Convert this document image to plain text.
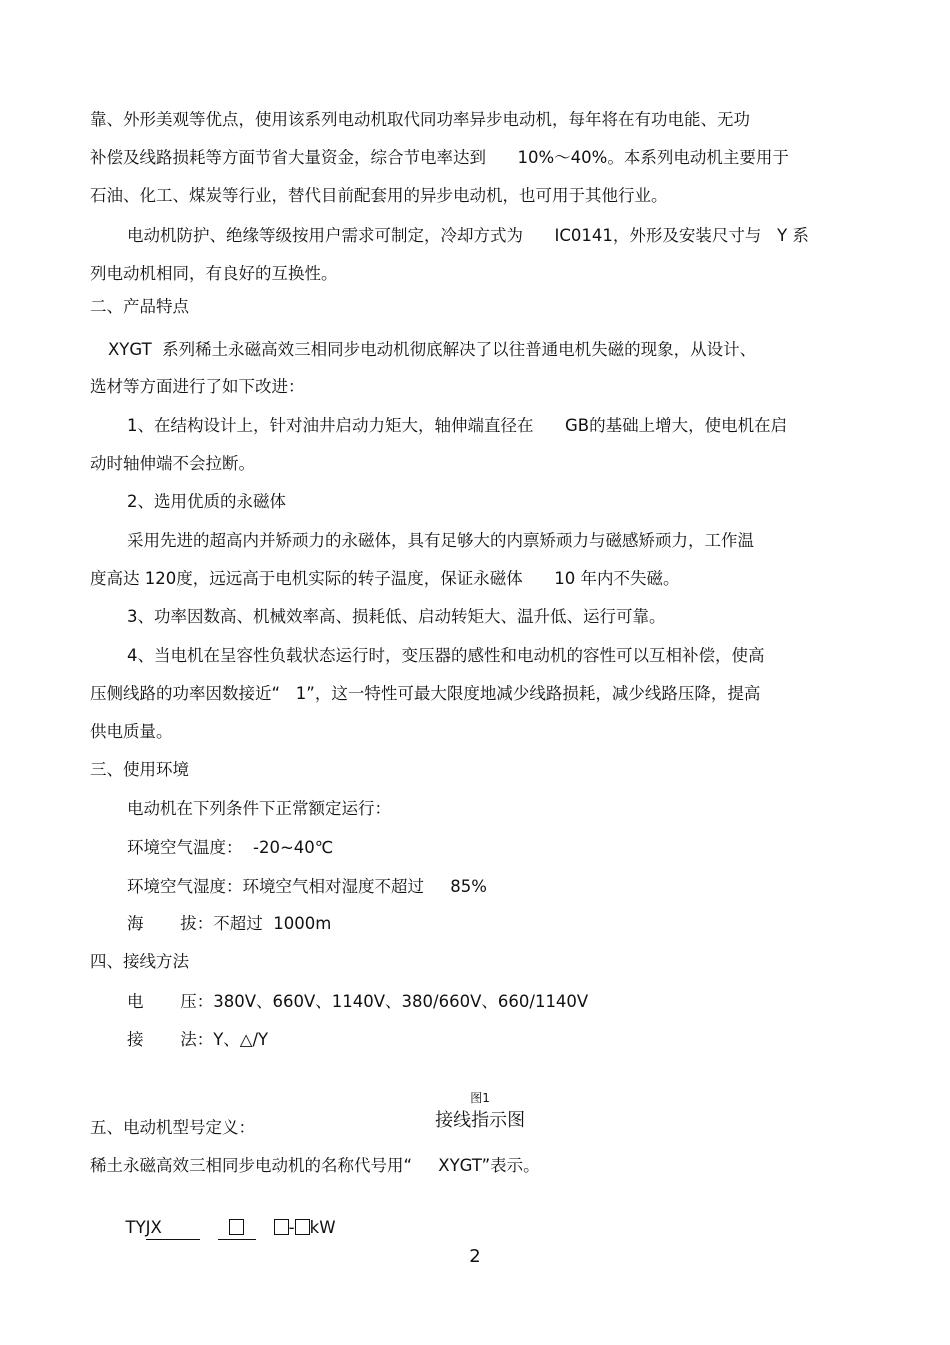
靠、外形美观等优点，使用该系列电动机取代同功率异步电动机，每年将在有功电能、无功
补偿及线路损耗等方面节省大量资金，综合节电率达到      10%～40%。本系列电动机主要用于
石油、化工、煤炭等行业，替代目前配套用的异步电动机，也可用于其他行业。
电动机防护、绝缘等级按用户需求可制定，冷却方式为      IC0141，外形及安装尺寸与   Y 系
列电动机相同，有良好的互换性。
二、产品特点
XYGT  系列稀土永磁高效三相同步电动机彻底解决了以往普通电机失磁的现象，从设计、
选材等方面进行了如下改进：
1、在结构设计上，针对油井启动力矩大，轴伸端直径在      GB的基础上增大，使电机在启
动时轴伸端不会拉断。
2、选用优质的永磁体
采用先进的超高内并矫顽力的永磁体，具有足够大的内禀矫顽力与磁感矫顽力，工作温
度高达 120度，远远高于电机实际的转子温度，保证永磁体      10 年内不失磁。
3、功率因数高、机械效率高、损耗低、启动转矩大、温升低、运行可靠。
4、当电机在呈容性负载状态运行时，变压器的感性和电动机的容性可以互相补偿，使高
压侧线路的功率因数接近“   1”，这一特性可最大限度地减少线路损耗，减少线路压降，提高
供电质量。
三、使用环境
电动机在下列条件下正常额定运行：
环境空气温度：  -20~40℃
环境空气湿度：环境空气相对湿度不超过     85%
海       拔：不超过  1000m
四、接线方法
电       压：380V、660V、1140V、380/660V、660/1140V
接       法：Y、△/Y

图1
接线指示图

五、电动机型号定义：
稀土永磁高效三相同步电动机的名称代号用“     XYGT”表示。

TYJX	- kW

2
